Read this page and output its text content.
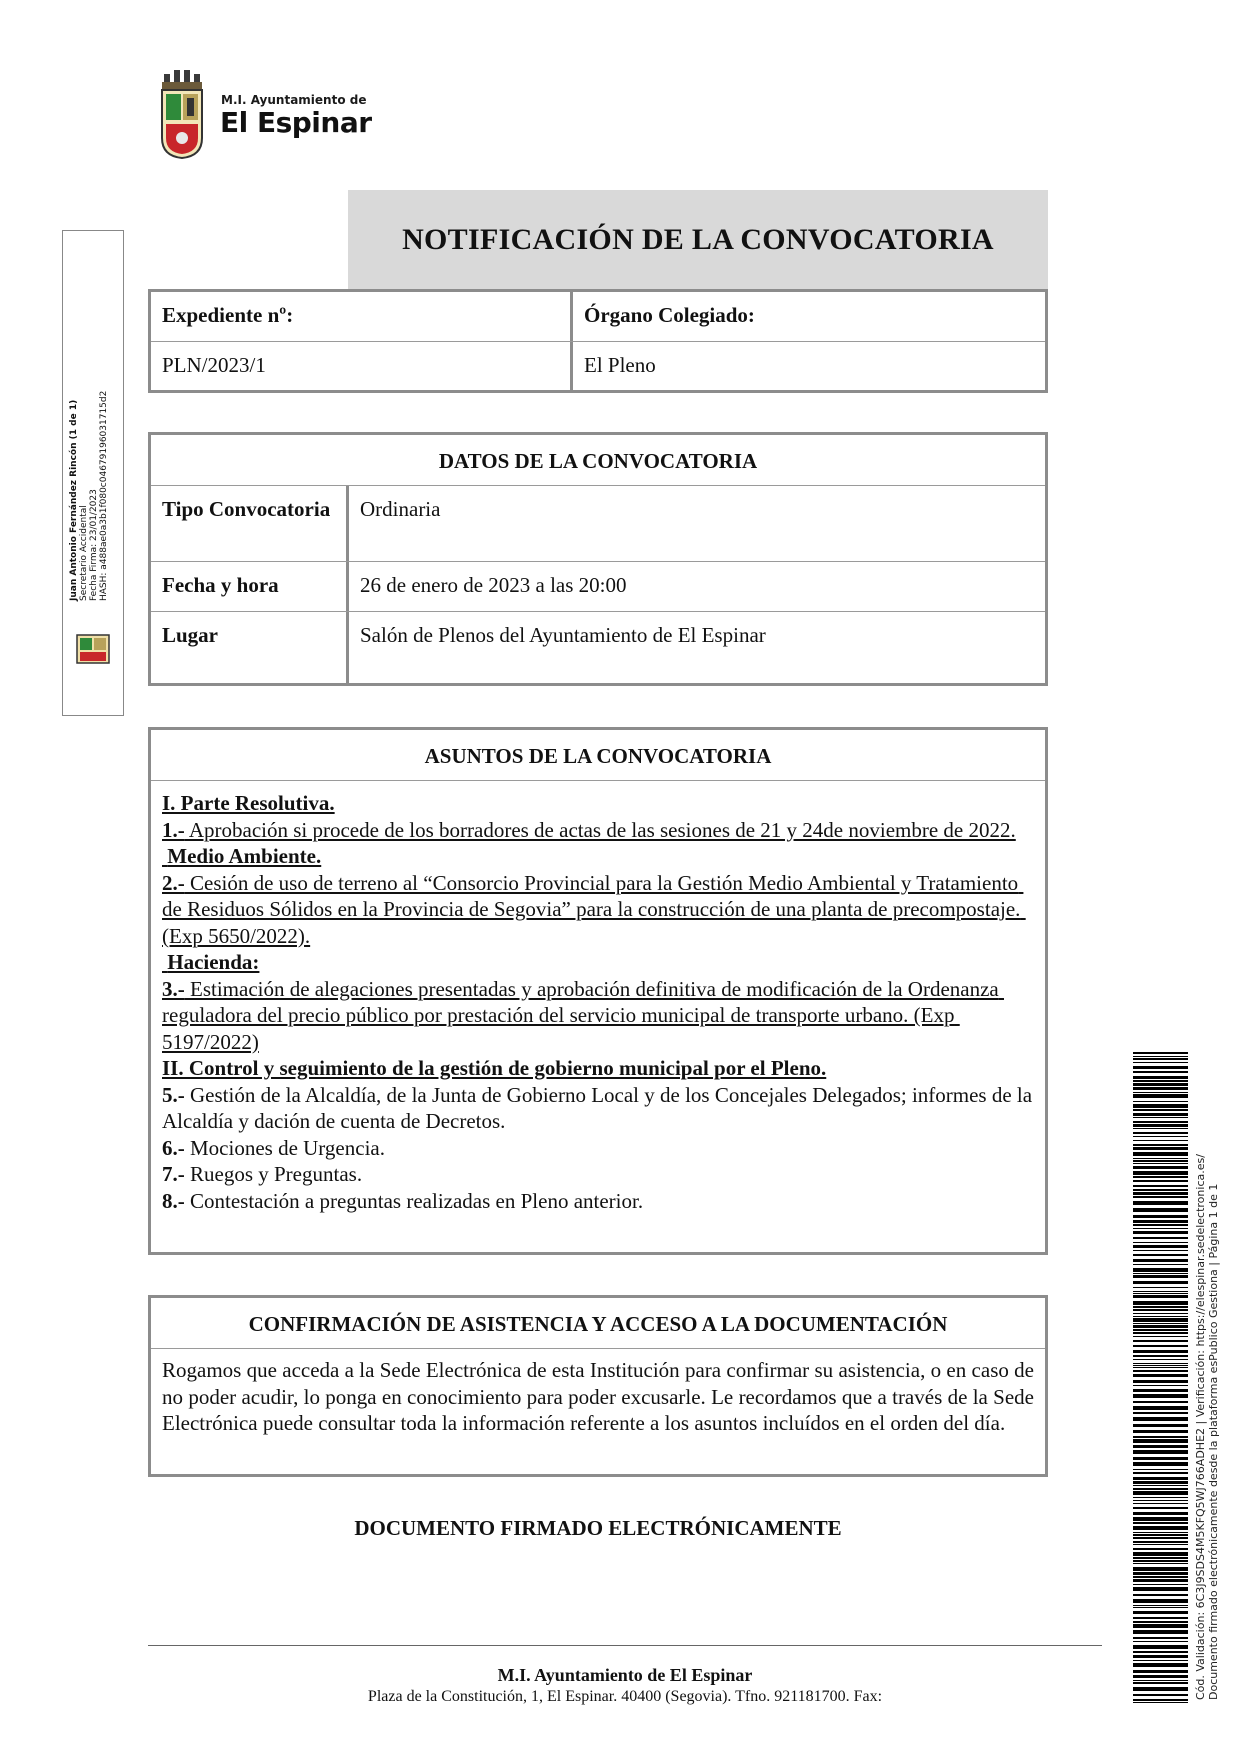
M.I. Ayuntamiento de
El Espinar
Juan Antonio Fernández Rincón (1 de 1) Secretario Accidental Fecha Firma: 23/01/2023 HASH: a488ae0a3b1f080c04679196031715d2
NOTIFICACIÓN DE LA CONVOCATORIA
Expediente nº:	Órgano Colegiado:
PLN/2023/1	El Pleno
DATOS DE LA CONVOCATORIA
Tipo Convocatoria	Ordinaria
Fecha y hora	26 de enero de 2023 a las 20:00
Lugar	Salón de Plenos del Ayuntamiento de El Espinar
ASUNTOS DE LA CONVOCATORIA
I. Parte Resolutiva.
1.- Aprobación si procede de los borradores de actas de las sesiones de 21 y 24de noviembre de 2022.
Medio Ambiente.
2.- Cesión de uso de terreno al “Consorcio Provincial para la Gestión Medio Ambiental y Tratamiento de Residuos Sólidos en la Provincia de Segovia” para la construcción de una planta de precompostaje. (Exp 5650/2022).
Hacienda:
3.- Estimación de alegaciones presentadas y aprobación definitiva de modificación de la Ordenanza reguladora del precio público por prestación del servicio municipal de transporte urbano. (Exp 5197/2022)
II. Control y seguimiento de la gestión de gobierno municipal por el Pleno.
5.- Gestión de la Alcaldía, de la Junta de Gobierno Local y de los Concejales Delegados; informes de la Alcaldía y dación de cuenta de Decretos.
6.- Mociones de Urgencia.
7.- Ruegos y Preguntas.
8.- Contestación a preguntas realizadas en Pleno anterior.
CONFIRMACIÓN DE ASISTENCIA Y ACCESO A LA DOCUMENTACIÓN
Rogamos que acceda a la Sede Electrónica de esta Institución para confirmar su asistencia, o en caso de no poder acudir, lo ponga en conocimiento para poder excusarle. Le recordamos que a través de la Sede Electrónica puede consultar toda la información referente a los asuntos incluídos en el orden del día.
DOCUMENTO FIRMADO ELECTRÓNICAMENTE
M.I. Ayuntamiento de El Espinar
Plaza de la Constitución, 1, El Espinar. 40400 (Segovia). Tfno. 921181700. Fax:	Cód. Validación: 6C3J9SDS4M5KFQ5WJ766ADHE2 | Verificación: https://elespinar.sedelectronica.es/ Documento firmado electrónicamente desde la plataforma esPublico Gestiona | Página 1 de 1
